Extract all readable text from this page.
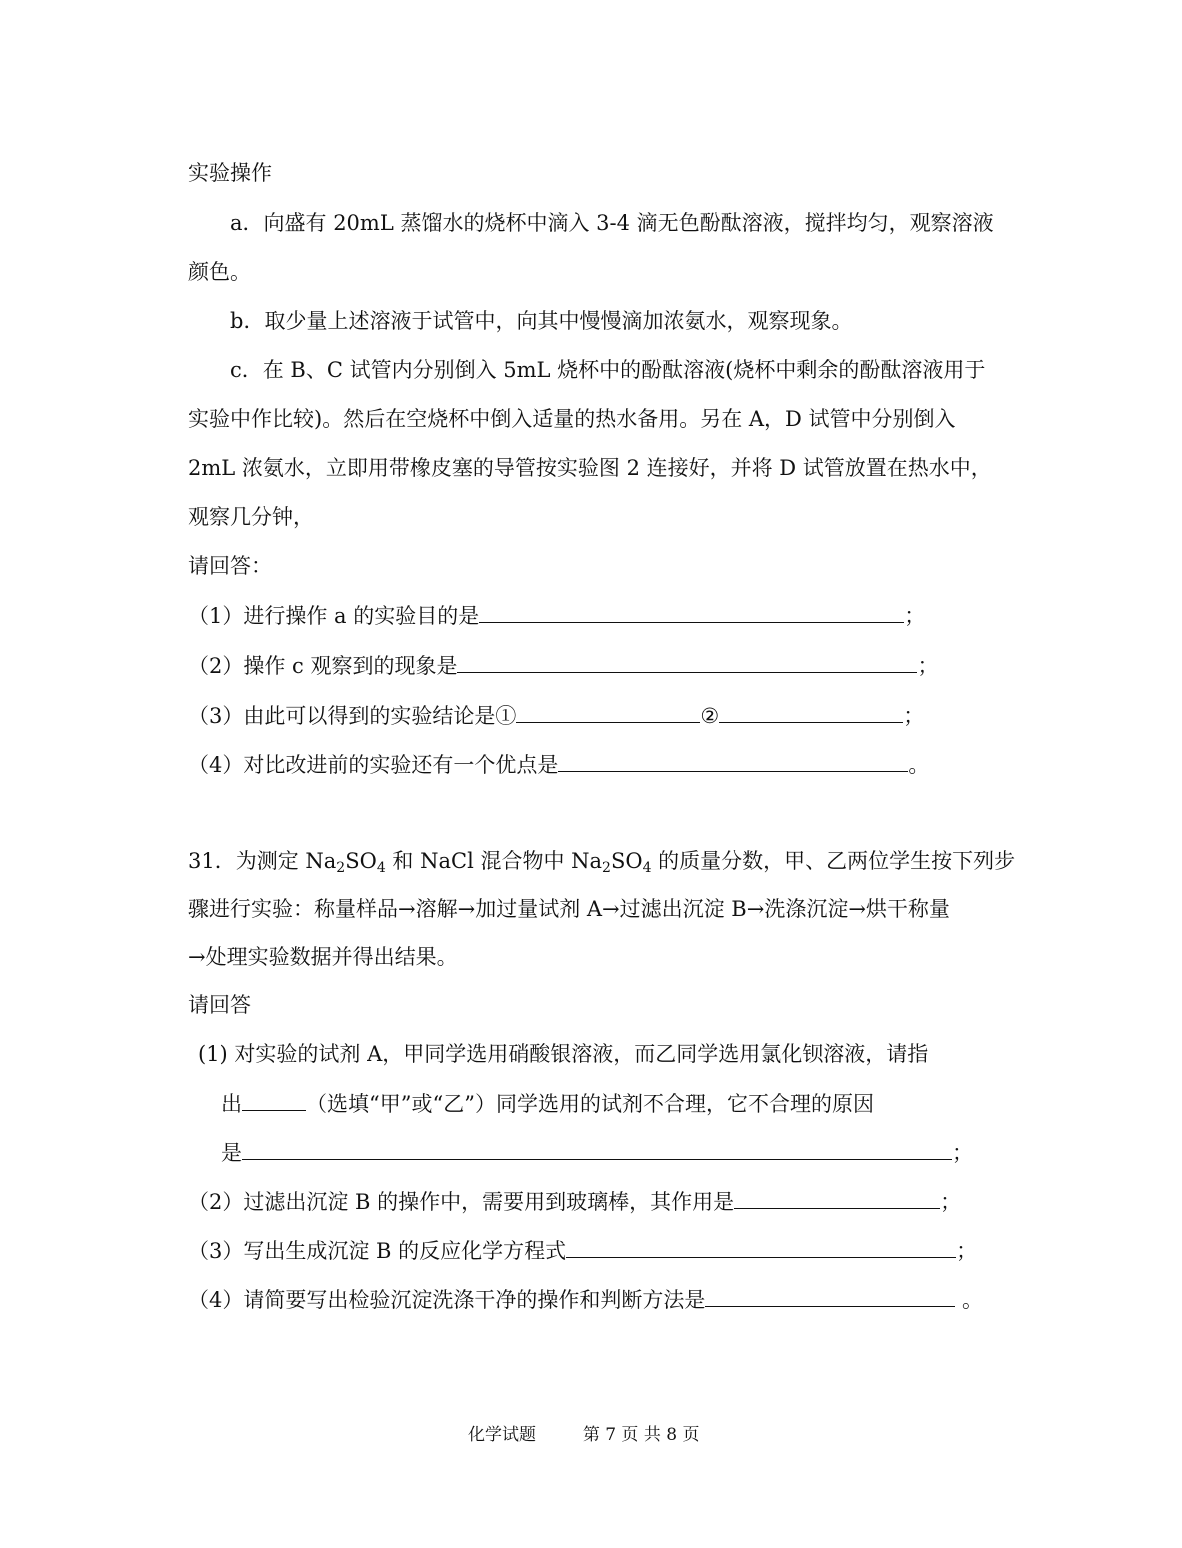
实验操作
a．向盛有 20mL 蒸馏水的烧杯中滴入 3-4 滴无色酚酞溶液，搅拌均匀，观察溶液
颜色。
b．取少量上述溶液于试管中，向其中慢慢滴加浓氨水，观察现象。
c．在 B、C 试管内分别倒入 5mL 烧杯中的酚酞溶液(烧杯中剩余的酚酞溶液用于
实验中作比较)。然后在空烧杯中倒入适量的热水备用。另在 A，D 试管中分别倒入
2mL 浓氨水，立即用带橡皮塞的导管按实验图 2 连接好，并将 D 试管放置在热水中，
观察几分钟，
请回答：
（1）进行操作 a 的实验目的是	；
（2）操作 c 观察到的现象是	；
（3）由此可以得到的实验结论是①	②	；
（4）对比改进前的实验还有一个优点是	。
31．为测定 $Na_2SO_4$ 和 NaCl 混合物中 $Na_2SO_4$ 的质量分数，甲、乙两位学生按下列步
骤进行实验：称量样品→溶解→加过量试剂 A→过滤出沉淀 B→洗涤沉淀→烘干称量
→处理实验数据并得出结果。
请回答
(1) 对实验的试剂 A，甲同学选用硝酸银溶液，而乙同学选用氯化钡溶液，请指
出	（选填“甲”或“乙”）同学选用的试剂不合理，它不合理的原因
是	；
（2）过滤出沉淀 B 的操作中，需要用到玻璃棒，其作用是	；
（3）写出生成沉淀 B 的反应化学方程式	；
（4）请简要写出检验沉淀洗涤干净的操作和判断方法是	。
化学试题	第 7 页 共 8 页
